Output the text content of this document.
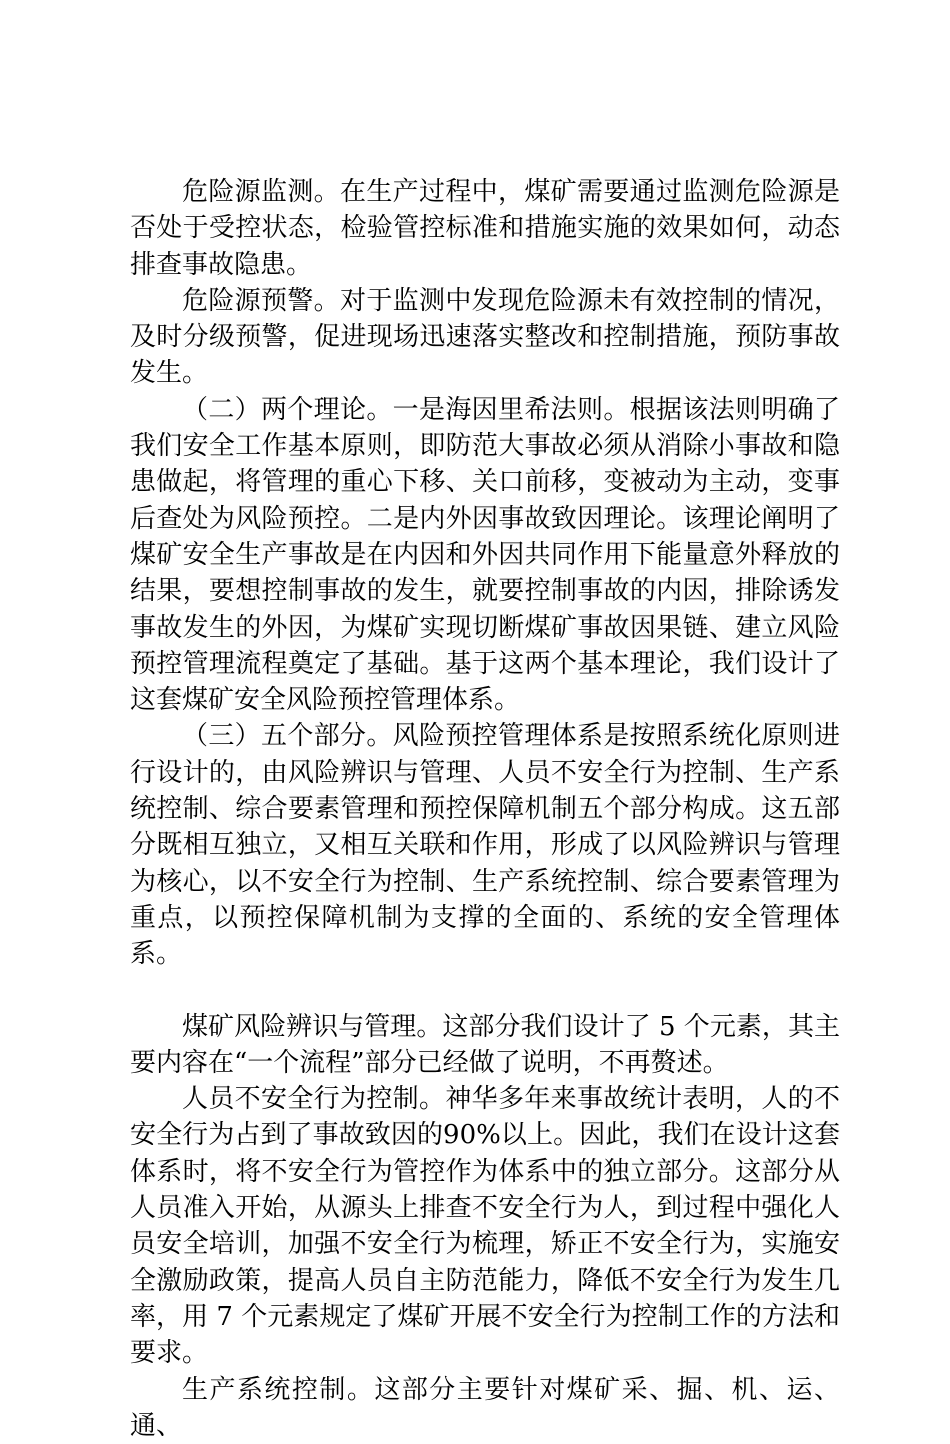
危险源监测。在生产过程中，煤矿需要通过监测危险源是否处于受控状态，检验管控标准和措施实施的效果如何，动态排查事故隐患。

危险源预警。对于监测中发现危险源未有效控制的情况，及时分级预警，促进现场迅速落实整改和控制措施，预防事故发生。

（二）两个理论。一是海因里希法则。根据该法则明确了我们安全工作基本原则，即防范大事故必须从消除小事故和隐患做起，将管理的重心下移、关口前移，变被动为主动，变事后查处为风险预控。二是内外因事故致因理论。该理论阐明了煤矿安全生产事故是在内因和外因共同作用下能量意外释放的结果，要想控制事故的发生，就要控制事故的内因，排除诱发事故发生的外因，为煤矿实现切断煤矿事故因果链、建立风险预控管理流程奠定了基础。基于这两个基本理论，我们设计了这套煤矿安全风险预控管理体系。

（三）五个部分。风险预控管理体系是按照系统化原则进行设计的，由风险辨识与管理、人员不安全行为控制、生产系统控制、综合要素管理和预控保障机制五个部分构成。这五部分既相互独立，又相互关联和作用，形成了以风险辨识与管理为核心，以不安全行为控制、生产系统控制、综合要素管理为重点，以预控保障机制为支撑的全面的、系统的安全管理体系。

煤矿风险辨识与管理。这部分我们设计了 5 个元素，其主要内容在“一个流程”部分已经做了说明，不再赘述。

人员不安全行为控制。神华多年来事故统计表明，人的不安全行为占到了事故致因的90%以上。因此，我们在设计这套体系时，将不安全行为管控作为体系中的独立部分。这部分从人员准入开始，从源头上排查不安全行为人，到过程中强化人员安全培训，加强不安全行为梳理，矫正不安全行为，实施安全激励政策，提高人员自主防范能力，降低不安全行为发生几率，用 7 个元素规定了煤矿开展不安全行为控制工作的方法和要求。

生产系统控制。这部分主要针对煤矿采、掘、机、运、通、
